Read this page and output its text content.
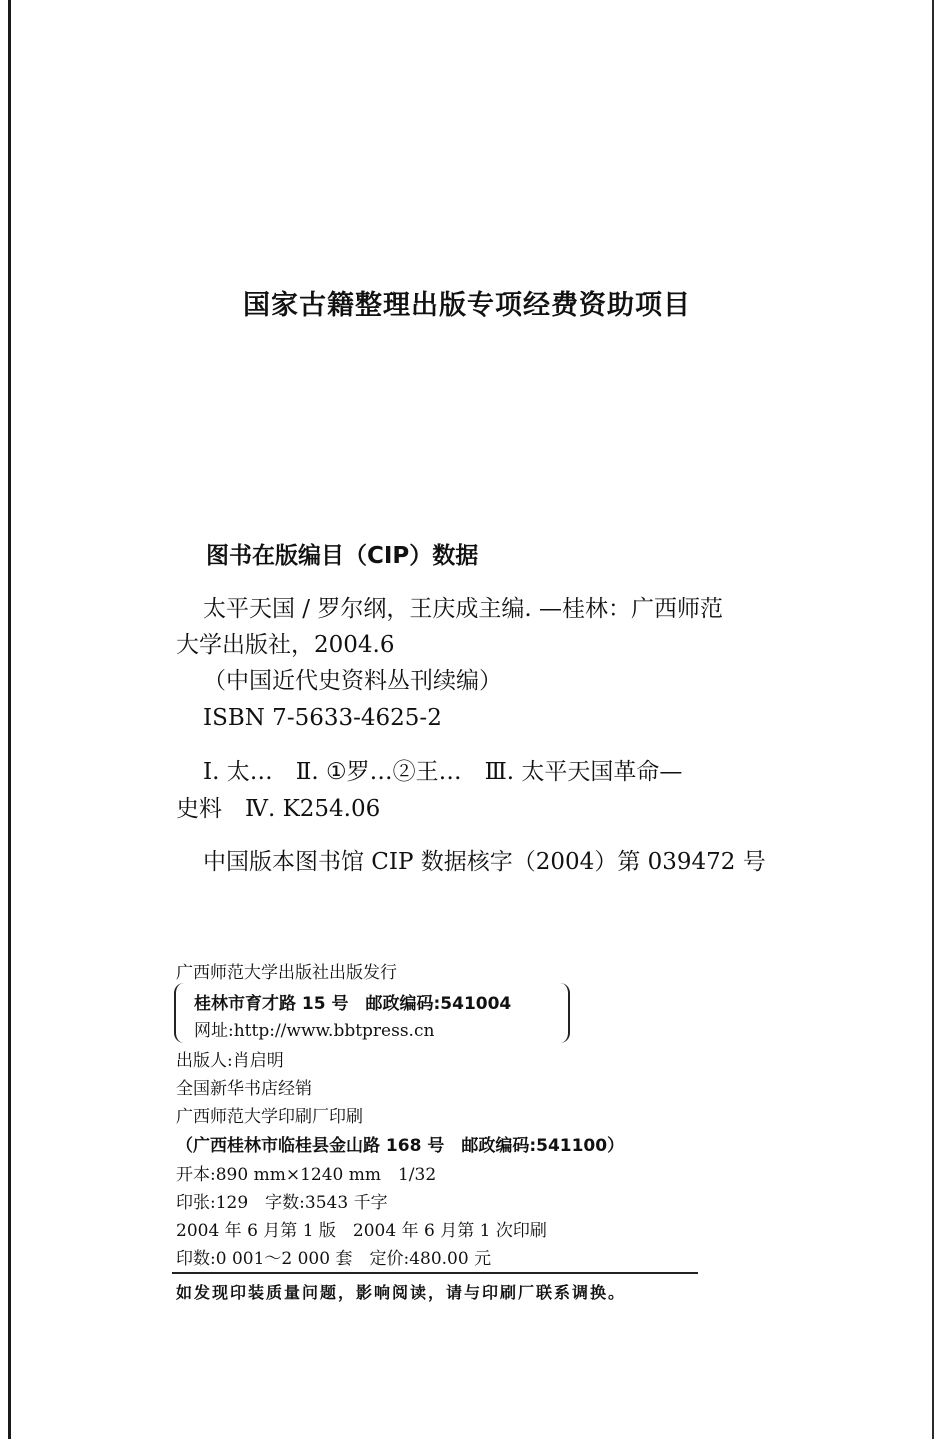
国家古籍整理出版专项经费资助项目
图书在版编目（CIP）数据
太平天国 / 罗尔纲，王庆成主编. —桂林：广西师范
大学出版社，2004.6
（中国近代史资料丛刊续编）
ISBN 7-5633-4625-2
Ⅰ. 太…　Ⅱ. ①罗…②王…　Ⅲ. 太平天国革命—
史料　Ⅳ. K254.06
中国版本图书馆 CIP 数据核字（2004）第 039472 号
广西师范大学出版社出版发行
桂林市育才路 15 号　邮政编码:541004
网址:http://www.bbtpress.cn
出版人:肖启明
全国新华书店经销
广西师范大学印刷厂印刷
（广西桂林市临桂县金山路 168 号　邮政编码:541100）
开本:890 mm×1240 mm　1/32
印张:129　字数:3543 千字
2004 年 6 月第 1 版　2004 年 6 月第 1 次印刷
印数:0 001～2 000 套　定价:480.00 元
如发现印装质量问题，影响阅读，请与印刷厂联系调换。
